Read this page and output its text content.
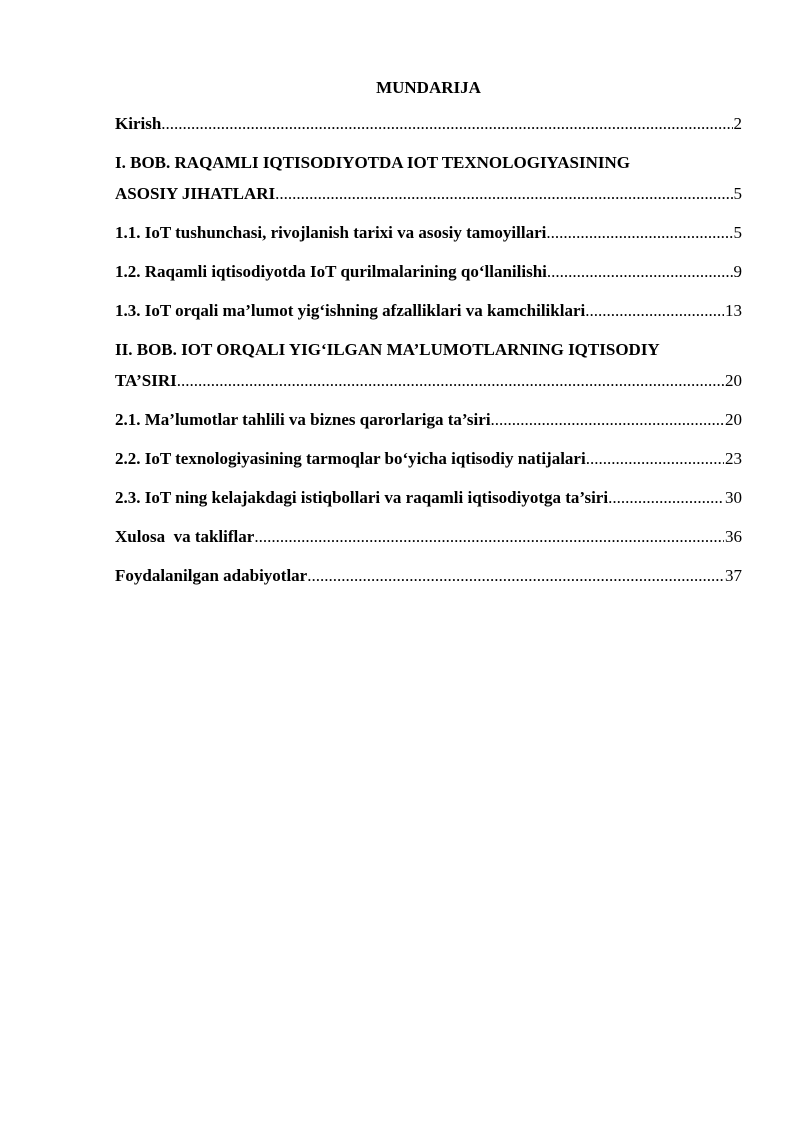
MUNDARIJA
Kirish .....	2
I. BOB. RAQAMLI IQTISODIYOTDA IOT TEXNOLOGIYASINING
ASOSIY JIHATLARI .....	5
1.1. IoT tushunchasi, rivojlanish tarixi va asosiy tamoyillari .....	5
1.2. Raqamli iqtisodiyotda IoT qurilmalarining qo‘llanilishi .....	9
1.3. IoT orqali ma’lumot yig‘ishning afzalliklari va kamchiliklari .....	13
II. BOB. IOT ORQALI YIG‘ILGAN MA’LUMOTLARNING IQTISODIY
TA’SIRI .....	20
2.1. Ma’lumotlar tahlili va biznes qarorlariga ta’siri .....	20
2.2. IoT texnologiyasining tarmoqlar bo‘yicha iqtisodiy natijalari .....	23
2.3. IoT ning kelajakdagi istiqbollari va raqamli iqtisodiyotga ta’siri .....	30
Xulosa  va takliflar .....	36
Foydalanilgan adabiyotlar .....	37
